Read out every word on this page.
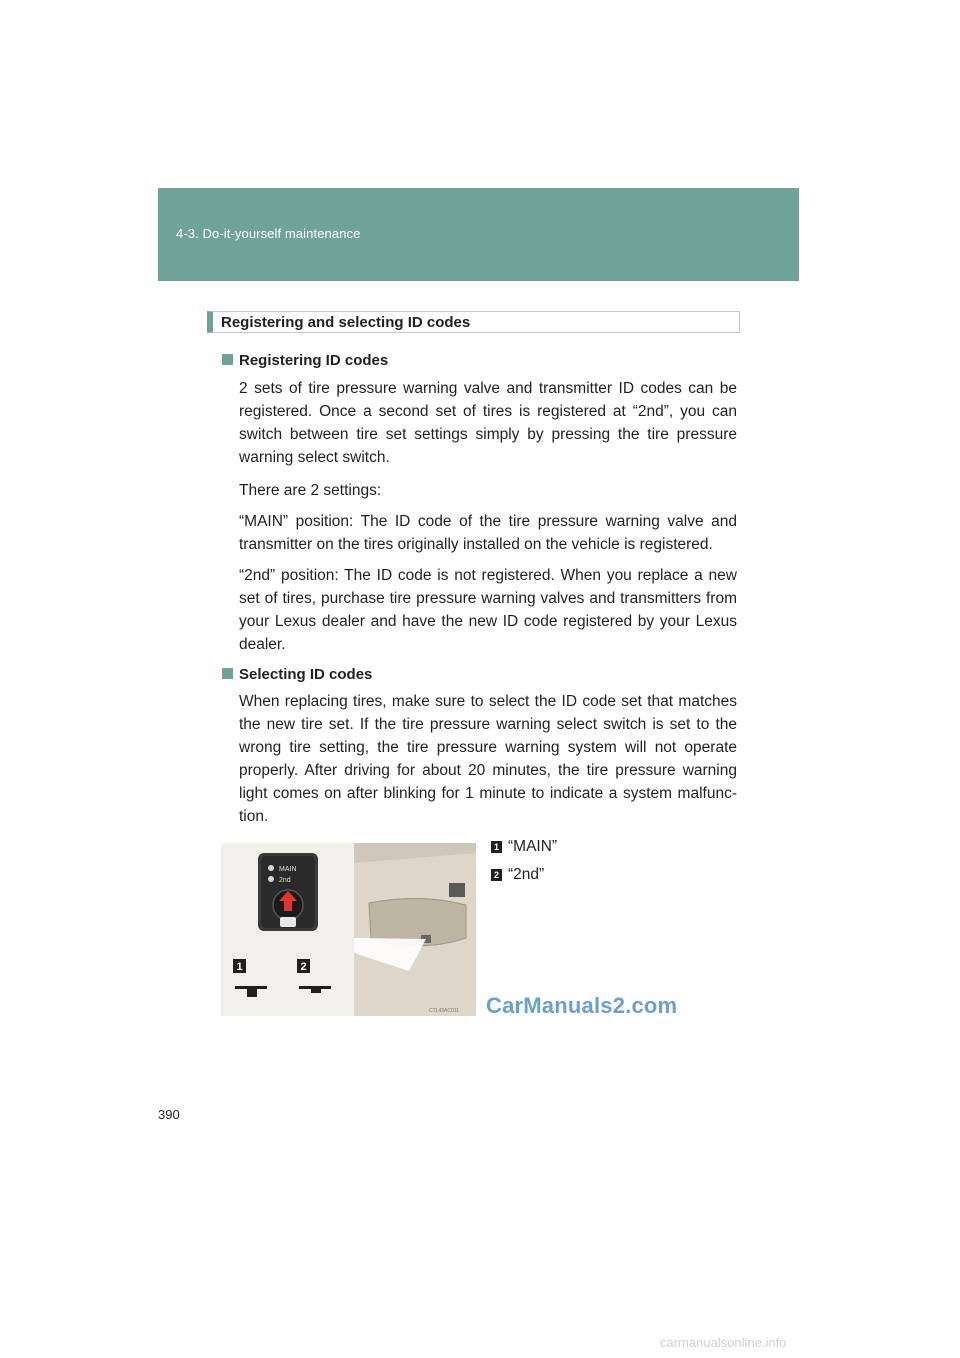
4-3. Do-it-yourself maintenance
Registering and selecting ID codes
Registering ID codes

2 sets of tire pressure warning valve and transmitter ID codes can be registered. Once a second set of tires is registered at “2nd”, you can switch between tire set settings simply by pressing the tire pressure warning select switch.

There are 2 settings:

“MAIN” position: The ID code of the tire pressure warning valve and transmitter on the tires originally installed on the vehicle is registered.

“2nd” position: The ID code is not registered. When you replace a new set of tires, purchase tire pressure warning valves and transmitters from your Lexus dealer and have the new ID code registered by your Lexus dealer.

Selecting ID codes

When replacing tires, make sure to select the ID code set that matches the new tire set. If the tire pressure warning select switch is set to the wrong tire setting, the tire pressure warning system will not operate properly. After driving for about 20 minutes, the tire pressure warning light comes on after blinking for 1 minute to indicate a system malfunc-tion.

MAIN
2nd
1	2
CTL43AC011
1 “MAIN”
2 “2nd”
CarManuals2.com
390
carmanualsonline.info
